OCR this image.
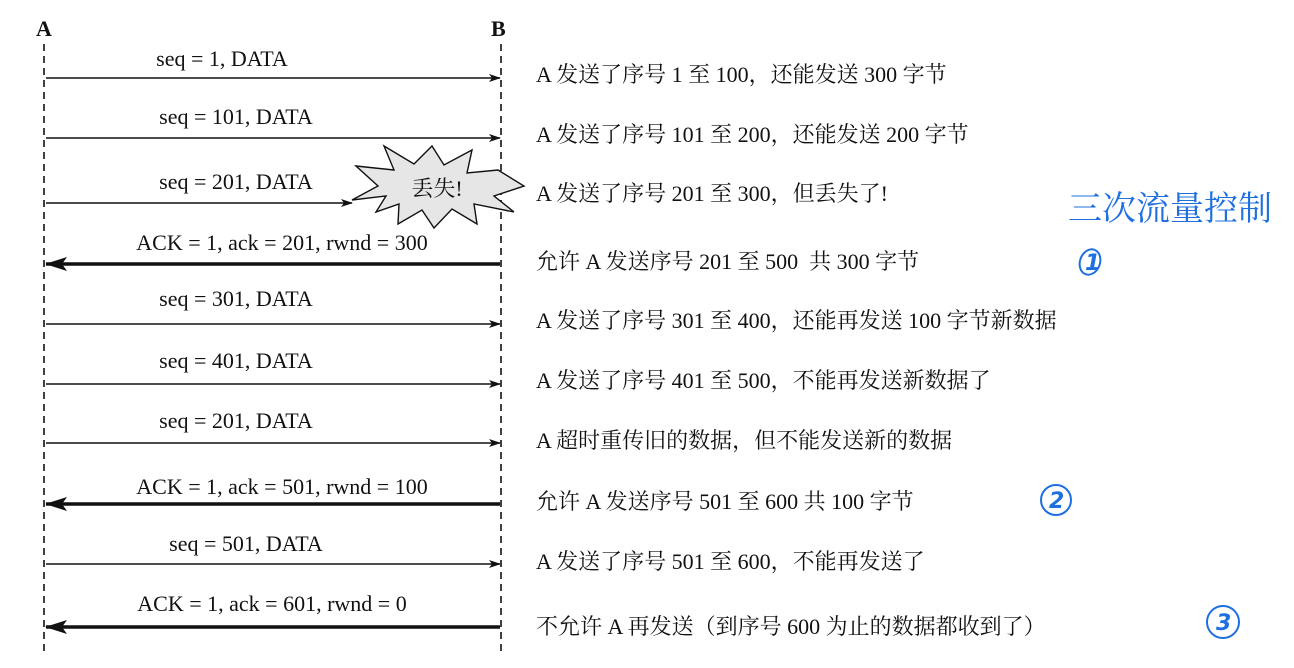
A	B
seq = 1, DATA
A 发送了序号 1 至 100，还能发送 300 字节
seq = 101, DATA
A 发送了序号 101 至 200，还能发送 200 字节
seq = 201, DATA	A 发送了序号 201 至 300，但丢失了!
ACK = 1, ack = 201, rwnd = 300
允许 A 发送序号 201 至 500  共 300 字节
seq = 301, DATA
A 发送了序号 301 至 400，还能再发送 100 字节新数据
seq = 401, DATA
A 发送了序号 401 至 500，不能再发送新数据了
seq = 201, DATA
A 超时重传旧的数据，但不能发送新的数据
ACK = 1, ack = 501, rwnd = 100
允许 A 发送序号 501 至 600 共 100 字节
seq = 501, DATA
A 发送了序号 501 至 600，不能再发送了
ACK = 1, ack = 601, rwnd = 0
不允许 A 再发送（到序号 600 为止的数据都收到了）
丢失!
三次流量控制
1
2
3
